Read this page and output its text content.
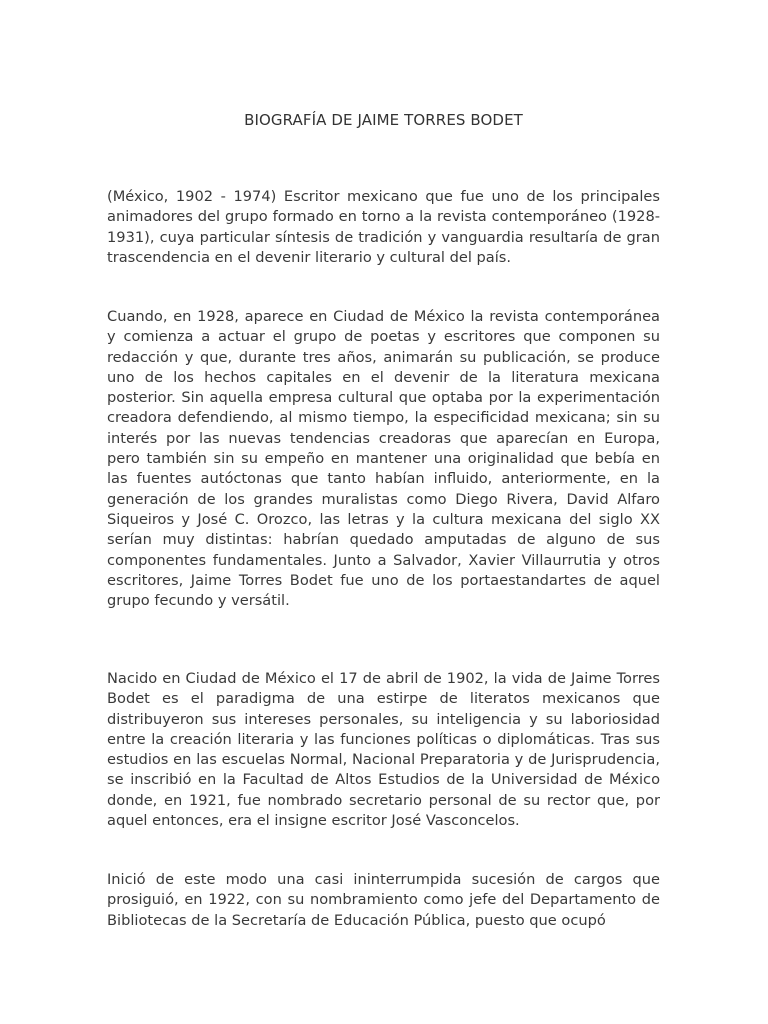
BIOGRAFÍA DE JAIME TORRES BODET

(México, 1902 - 1974) Escritor mexicano que fue uno de los principales animadores del grupo formado en torno a la revista contemporáneo (1928-1931), cuya particular síntesis de tradición y vanguardia resultaría de gran trascendencia en el devenir literario y cultural del país.

Cuando, en 1928, aparece en Ciudad de México la revista contemporánea y comienza a actuar el grupo de poetas y escritores que componen su redacción y que, durante tres años, animarán su publicación, se produce uno de los hechos capitales en el devenir de la literatura mexicana posterior. Sin aquella empresa cultural que optaba por la experimentación creadora defendiendo, al mismo tiempo, la especificidad mexicana; sin su interés por las nuevas tendencias creadoras que aparecían en Europa, pero también sin su empeño en mantener una originalidad que bebía en las fuentes autóctonas que tanto habían influido, anteriormente, en la generación de los grandes muralistas como Diego Rivera, David Alfaro Siqueiros y José C. Orozco, las letras y la cultura mexicana del siglo XX serían muy distintas: habrían quedado amputadas de alguno de sus componentes fundamentales. Junto a Salvador, Xavier Villaurrutia y otros escritores, Jaime Torres Bodet fue uno de los portaestandartes de aquel grupo fecundo y versátil.

Nacido en Ciudad de México el 17 de abril de 1902, la vida de Jaime Torres Bodet es el paradigma de una estirpe de literatos mexicanos que distribuyeron sus intereses personales, su inteligencia y su laboriosidad entre la creación literaria y las funciones políticas o diplomáticas. Tras sus estudios en las escuelas Normal, Nacional Preparatoria y de Jurisprudencia, se inscribió en la Facultad de Altos Estudios de la Universidad de México donde, en 1921, fue nombrado secretario personal de su rector que, por aquel entonces, era el insigne escritor José Vasconcelos.

Inició de este modo una casi ininterrumpida sucesión de cargos que prosiguió, en 1922, con su nombramiento como jefe del Departamento de Bibliotecas de la Secretaría de Educación Pública, puesto que ocupó
